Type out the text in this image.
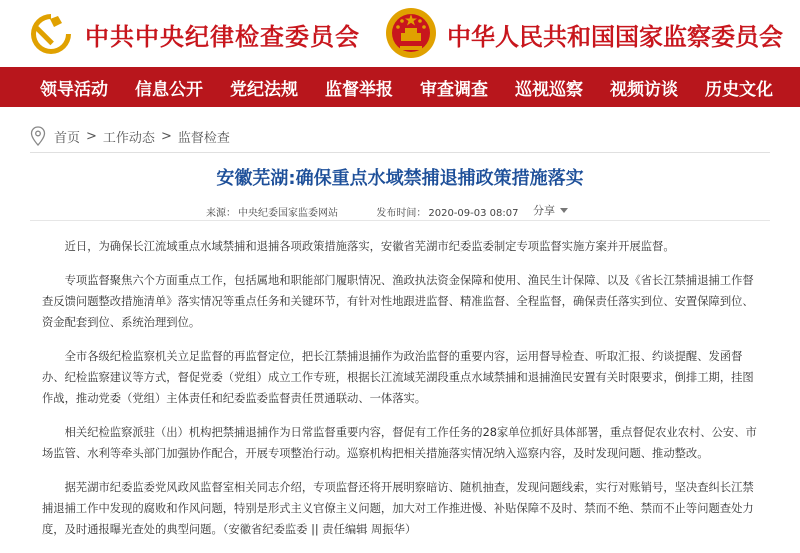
中共中央纪律检查委员会	中华人民共和国国家监察委员会
领导活动 信息公开 党纪法规 监督举报 审查调查 巡视巡察 视频访谈 历史文化
首页 > 工作动态 > 监督检查
安徽芜湖:确保重点水域禁捕退捕政策措施落实
来源： 中央纪委国家监委网站	发布时间： 2020-09-03 08:07 分享

近日，为确保长江流域重点水域禁捕和退捕各项政策措施落实，安徽省芜湖市纪委监委制定专项监督实施方案并开展监督。

专项监督聚焦六个方面重点工作，包括属地和职能部门履职情况、渔政执法资金保障和使用、渔民生计保障、以及《省长江禁捕退捕工作督查反馈问题整改措施清单》落实情况等重点任务和关键环节，有针对性地跟进监督、精准监督、全程监督，确保责任落实到位、安置保障到位、资金配套到位、系统治理到位。

全市各级纪检监察机关立足监督的再监督定位，把长江禁捕退捕作为政治监督的重要内容，运用督导检查、听取汇报、约谈提醒、发函督办、纪检监察建议等方式，督促党委（党组）成立工作专班，根据长江流域芜湖段重点水域禁捕和退捕渔民安置有关时限要求，倒排工期，挂图作战，推动党委（党组）主体责任和纪委监委监督责任贯通联动、一体落实。

相关纪检监察派驻（出）机构把禁捕退捕作为日常监督重要内容，督促有工作任务的28家单位抓好具体部署，重点督促农业农村、公安、市场监管、水利等牵头部门加强协作配合，开展专项整治行动。巡察机构把相关措施落实情况纳入巡察内容，及时发现问题、推动整改。

据芜湖市纪委监委党风政风监督室相关同志介绍，专项监督还将开展明察暗访、随机抽查，发现问题线索，实行对账销号，坚决查纠长江禁捕退捕工作中发现的腐败和作风问题，特别是形式主义官僚主义问题，加大对工作推进慢、补贴保障不及时、禁而不绝、禁而不止等问题查处力度，及时通报曝光查处的典型问题。（安徽省纪委监委 || 责任编辑 周振华）
